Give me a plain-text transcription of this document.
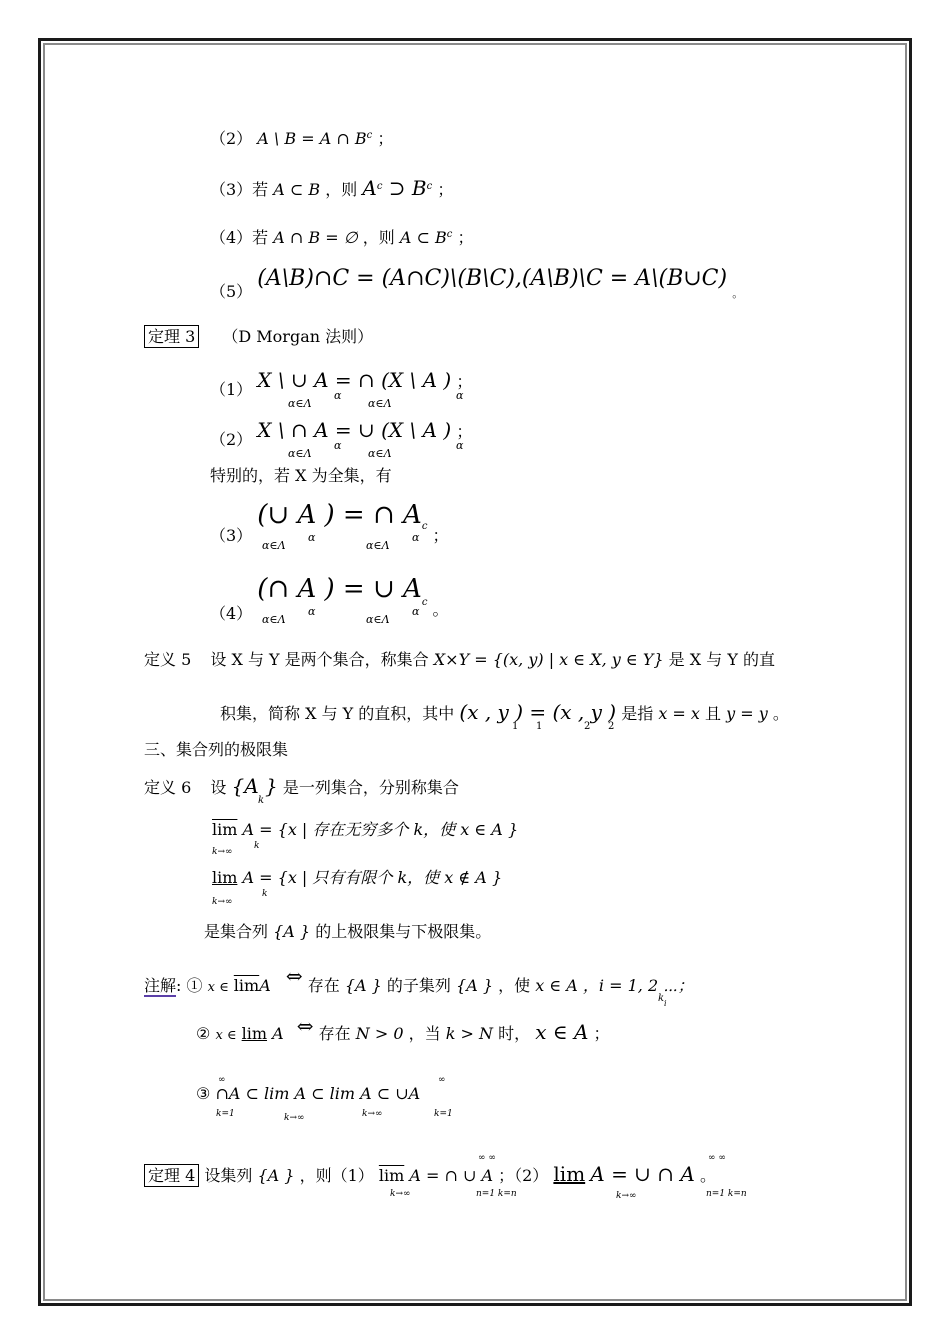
（2） A \ B = A ∩ $B^c$ ；
（3）若 A ⊂ B ，则 $A^c$ ⊃ $B^c$ ；
（4）若 A ∩ B = ∅ ，则 A ⊂ $B^c$ ；
（5） (A\B)∩C = (A∩C)\(B\C),(A\B)\C = A\(B∪C) $_。$
定理 3 （D Morgan 法则）
（1） X \ ∪ A = ∩ (X \ A ) ；
α∈Λ
α
α∈Λ
α
（2） X \ ∩ A = ∪ (X \ A ) ；
α∈Λ
α
α∈Λ
α
特别的，若 X 为全集，有
（3） (∪ A ) = ∩ $A_c$ ；
α∈Λ
α
α∈Λ
α
（4） (∩ A ) = ∪ $A_c$ 。
α∈Λ
α
α∈Λ
α
定义 5 设 X 与 Y 是两个集合，称集合 X×Y = {(x, y) | x ∈ X, y ∈ Y} 是 X 与 Y 的直
积集，简称 X 与 Y 的直积，其中 (x , y ) = (x , y ) 是指 x = x 且 y = y 。
1 1	2 2
三、集合列的极限集
定义 6 设 {A } 是一列集合，分别称集合
k
$\overline{lim}$ A = {x | 存在无穷多个 k，使 x ∈ A }
k→∞
k
lim A = {x | 只有有限个 k，使 x ∉ A }
k→∞
k
是集合列 {A } 的上极限集与下极限集。
注解: ① x ∈ $\overline{lim}A$ ⇔ 存在 {A } 的子集列 {A } ，使 x ∈ A ，i = 1, 2 ⋯；
k i
② x ∈ lim A ⇔ 存在 N > 0 ，当 k > N 时， x ∈ A ；
③ ∩A ⊂ lim A ⊂ lim A ⊂ ∪A
∞
k=1	k→∞	k→∞
∞
k=1
定理 4 设集列 {A } ，则（1） $\overline{lim}$ A = ∩ ∪ A ；（2） lim A = ∪ ∩ A 。
k→∞
∞ ∞
n=1 k=n	k→∞
∞ ∞
n=1 k=n
